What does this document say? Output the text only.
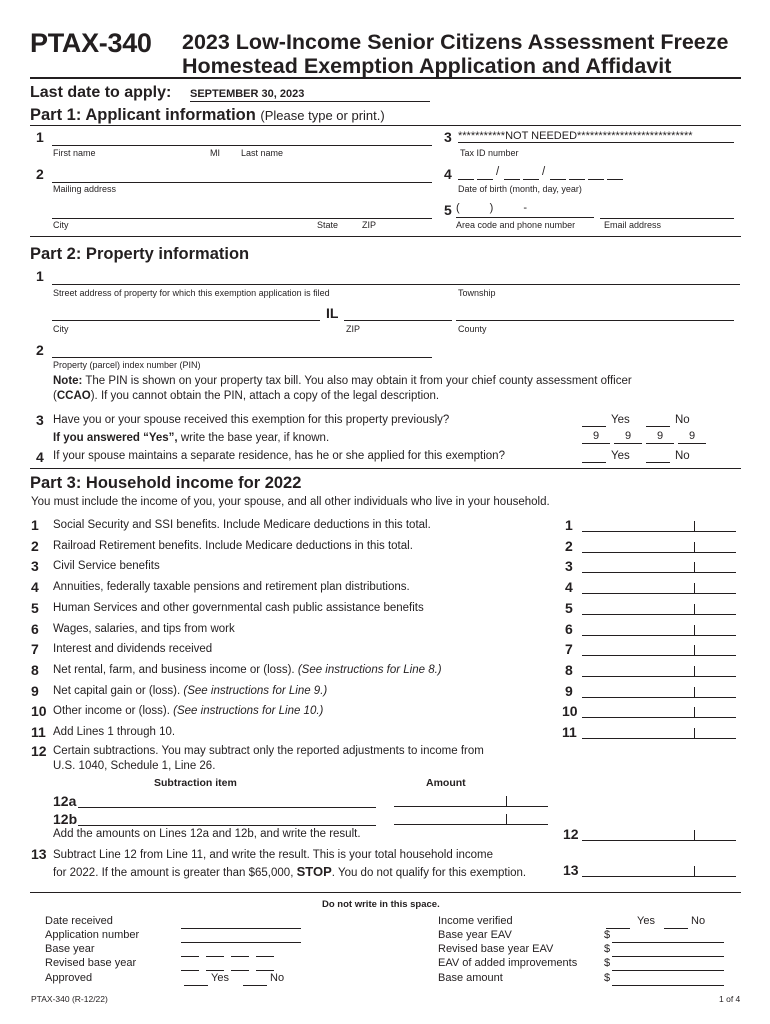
PTAX-340 2023 Low-Income Senior Citizens Assessment Freeze
Homestead Exemption Application and Affidavit
Last date to apply: SEPTEMBER 30, 2023
Part 1: Applicant information (Please type or print.)
1
First name	MI Last name
3 ***********NOT NEEDED***************************
Tax ID number
2
Mailing address
4	/	/
Date of birth (month, day, year)
City	State	ZIP
5 (	)	-
Area code and phone number	Email address
Part 2: Property information
1
Street address of property for which this exemption application is filed	Township
IL
City	ZIP	County
2
Property (parcel) index number (PIN)
Note: The PIN is shown on your property tax bill. You also may obtain it from your chief county assessment officer
(CCAO). If you cannot obtain the PIN, attach a copy of the legal description.
3 Have you or your spouse received this exemption for this property previously?	Yes	No
If you answered “Yes”, write the base year, if known.	9 9 9 9
4 If your spouse maintains a separate residence, has he or she applied for this exemption?	Yes	No
Part 3: Household income for 2022
You must include the income of you, your spouse, and all other individuals who live in your household.
1 Social Security and SSI benefits. Include Medicare deductions in this total.	1
2 Railroad Retirement benefits. Include Medicare deductions in this total.	2
3 Civil Service benefits	3
4 Annuities, federally taxable pensions and retirement plan distributions.	4
5 Human Services and other governmental cash public assistance benefits	5
6 Wages, salaries, and tips from work	6
7 Interest and dividends received	7
8 Net rental, farm, and business income or (loss). (See instructions for Line 8.)	8
9 Net capital gain or (loss). (See instructions for Line 9.)	9
10 Other income or (loss). (See instructions for Line 10.)	10
11 Add Lines 1 through 10.	11
12 Certain subtractions. You may subtract only the reported adjustments to income from
U.S. 1040, Schedule 1, Line 26.
Subtraction item	Amount
12a
12b
Add the amounts on Lines 12a and 12b, and write the result.	12
13 Subtract Line 12 from Line 11, and write the result. This is your total household income
for 2022. If the amount is greater than $65,000, STOP. You do not qualify for this exemption.	13
Do not write in this space.
Date received
Application number
Base year
Revised base year
Approved	Yes	No
Income verified	Yes	No
Base year EAV	$
Revised base year EAV	$
EAV of added improvements $
Base amount	$
PTAX-340 (R-12/22)	1 of 4
